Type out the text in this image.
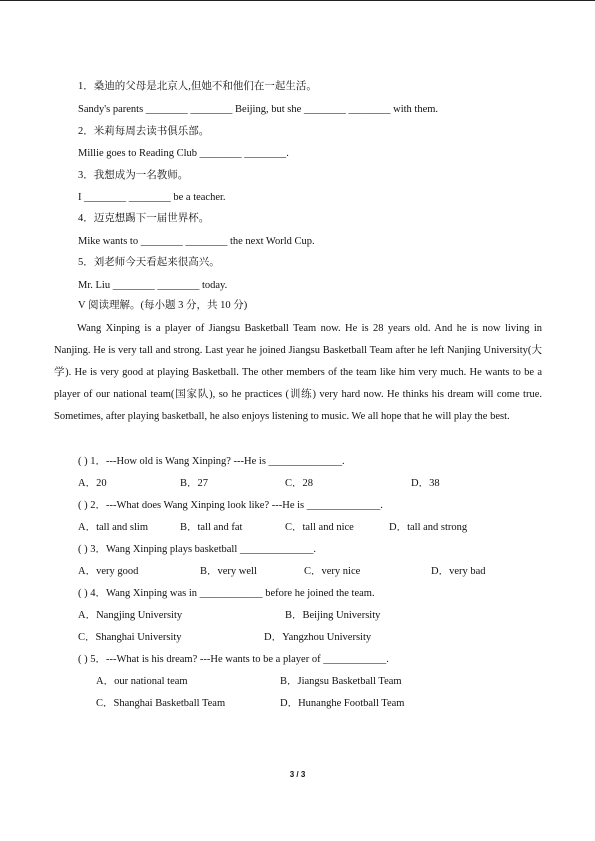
1．桑迪的父母是北京人,但她不和他们在一起生活。
Sandy's parents ________ ________ Beijing, but she ________ ________ with them.
2．米莉每周去读书俱乐部。
Millie goes to Reading Club ________ ________.
3．我想成为一名教师。
I ________ ________ be a teacher.
4．迈克想踢下一届世界杯。
Mike wants to ________ ________ the next World Cup.
5．刘老师今天看起来很高兴。
Mr. Liu ________ ________ today.
V 阅读理解。(每小题 3 分，共 10 分)

Wang Xinping is a player of Jiangsu Basketball Team now. He is 28 years old. And he is now living in Nanjing. He is very tall and strong. Last year he joined Jiangsu Basketball Team after he left Nanjing University(大学). He is very good at playing Basketball. The other members of the team like him very much. He wants to be a player of our national team(国家队), so he practices (训练) very hard now. He thinks his dream will come true. Sometimes, after playing basketball, he also enjoys listening to music. We all hope that he will play the best.

( ) 1．---How old is Wang Xinping? ---He is ______________.
A．20	B．27	C．28	D．38
( ) 2．---What does Wang Xinping look like? ---He is ______________.
A．tall and slim	B．tall and fat	C．tall and nice	D．tall and strong
( ) 3．Wang Xinping plays basketball ______________.
A．very good	B．very well	C．very nice	D．very bad
( ) 4．Wang Xinping was in ____________ before he joined the team.
A．Nangjing University	B．Beijing University
C．Shanghai University	D．Yangzhou University
( ) 5．---What is his dream? ---He wants to be a player of ____________.
A．our national team	B．Jiangsu Basketball Team
C．Shanghai Basketball Team	D．Hunanghe Football Team
3 / 3
